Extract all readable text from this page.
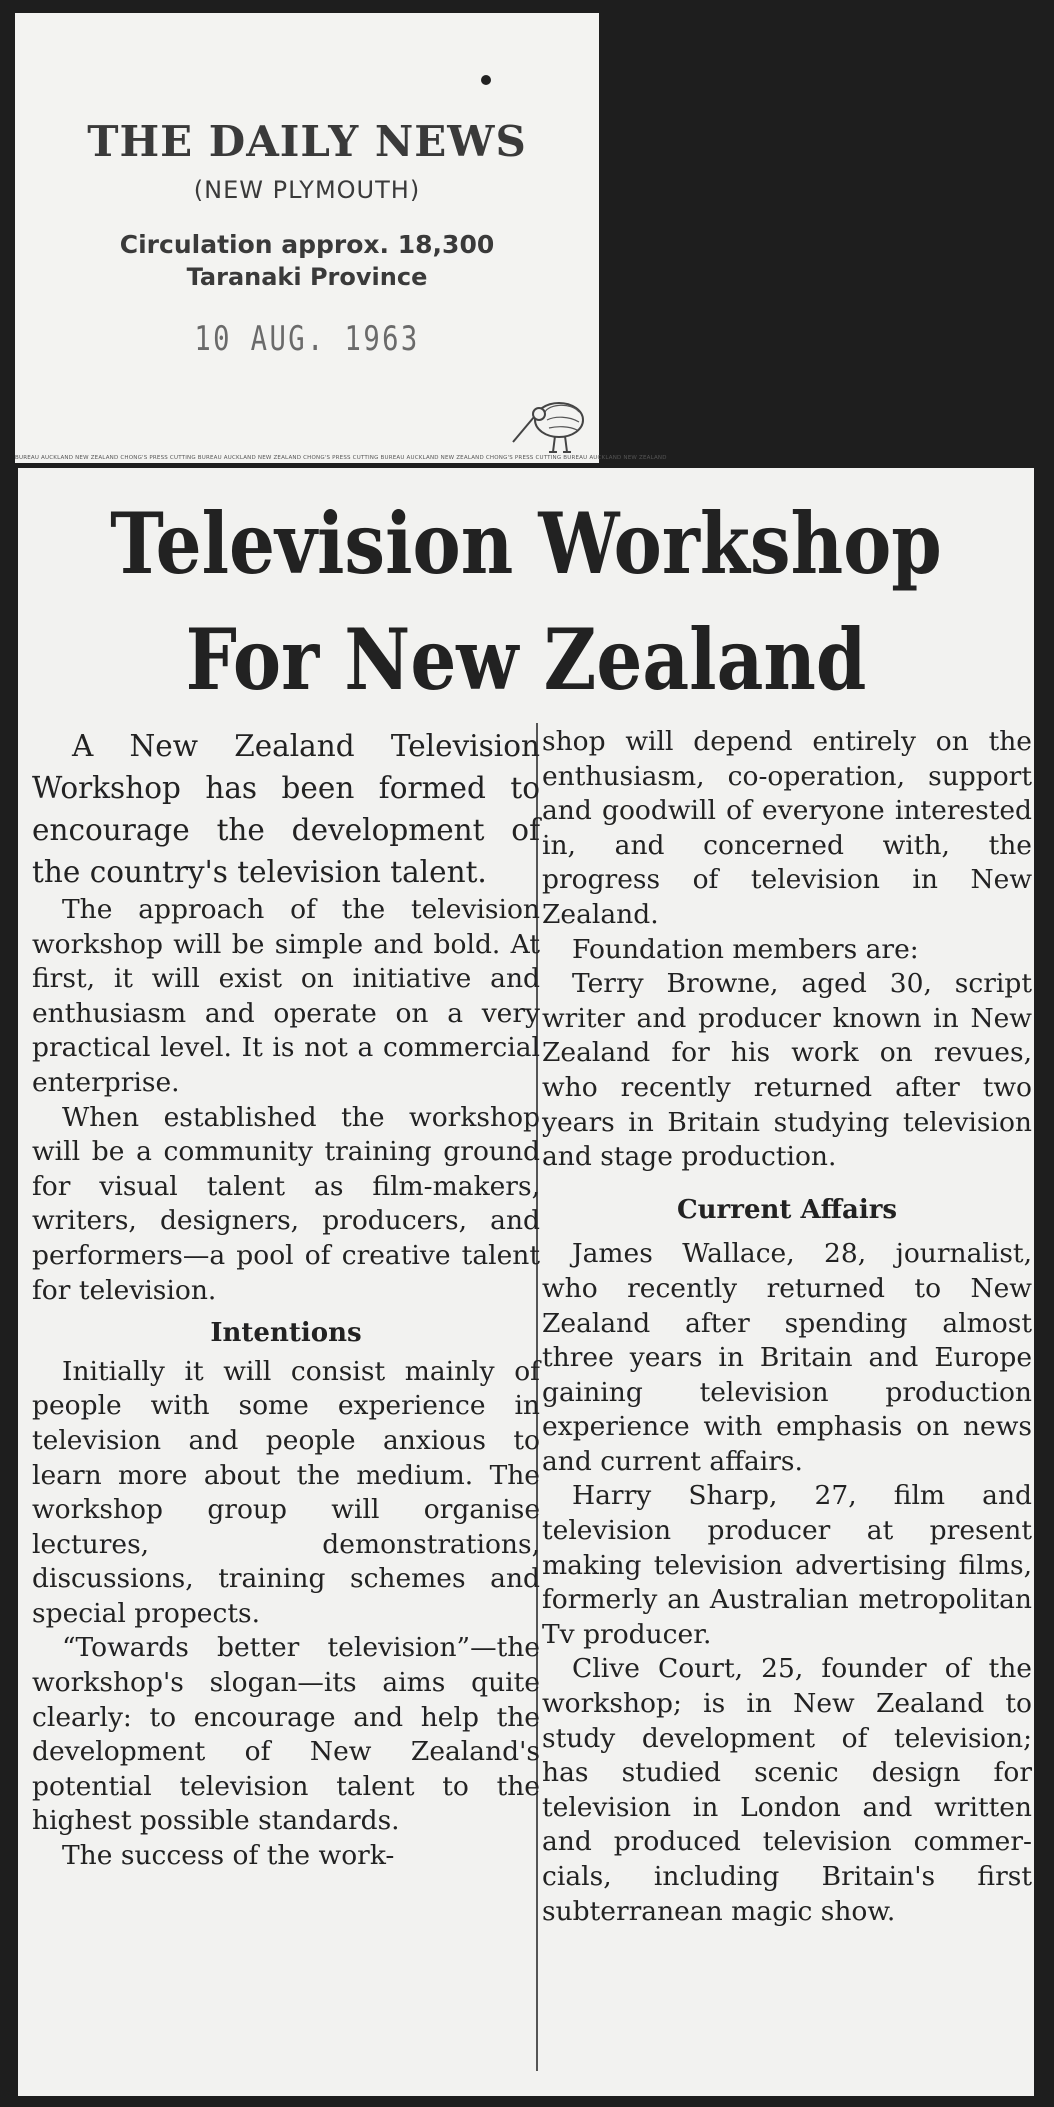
THE DAILY NEWS
(NEW PLYMOUTH)
Circulation approx. 18,300
Taranaki Province
10 AUG. 1963
BUREAU AUCKLAND NEW ZEALAND CHONG'S PRESS CUTTING BUREAU AUCKLAND NEW ZEALAND CHONG'S PRESS CUTTING BUREAU AUCKLAND NEW ZEALAND CHONG'S PRESS CUTTING BUREAU AUCKLAND NEW ZEALAND
Television Workshop
For New Zealand

A New Zealand Television Workshop has been formed to encourage the development of the country's television talent.

The approach of the television workshop will be simple and bold. At first, it will exist on initiative and enthusiasm and operate on a very practical level. It is not a commercial enterprise.

When established the workshop will be a community training ground for visual talent as film-makers, writers, designers, producers, and performers—a pool of creative talent for television.

Intentions

Initially it will consist mainly of people with some experience in television and people anxious to learn more about the medium. The workshop group will organise lectures, demonstrations, discussions, training schemes and special propects.

“Towards better television”—the workshop's slogan—its aims quite clearly: to encourage and help the development of New Zealand's potential television talent to the highest possible standards.

The success of the work-

shop will depend entirely on the enthusiasm, co-operation, support and goodwill of everyone interested in, and concerned with, the progress of television in New Zealand.

Foundation members are:

Terry Browne, aged 30, script writer and producer known in New Zealand for his work on revues, who recently returned after two years in Britain studying television and stage production.

Current Affairs

James Wallace, 28, journalist, who recently returned to New Zealand after spending almost three years in Britain and Europe gaining television production experience with emphasis on news and current affairs.

Harry Sharp, 27, film and television producer at present making television advertising films, formerly an Australian metropolitan Tv producer.

Clive Court, 25, founder of the workshop; is in New Zealand to study development of television; has studied scenic design for television in London and written and produced television commercials, including Britain's first subterranean magic show.
